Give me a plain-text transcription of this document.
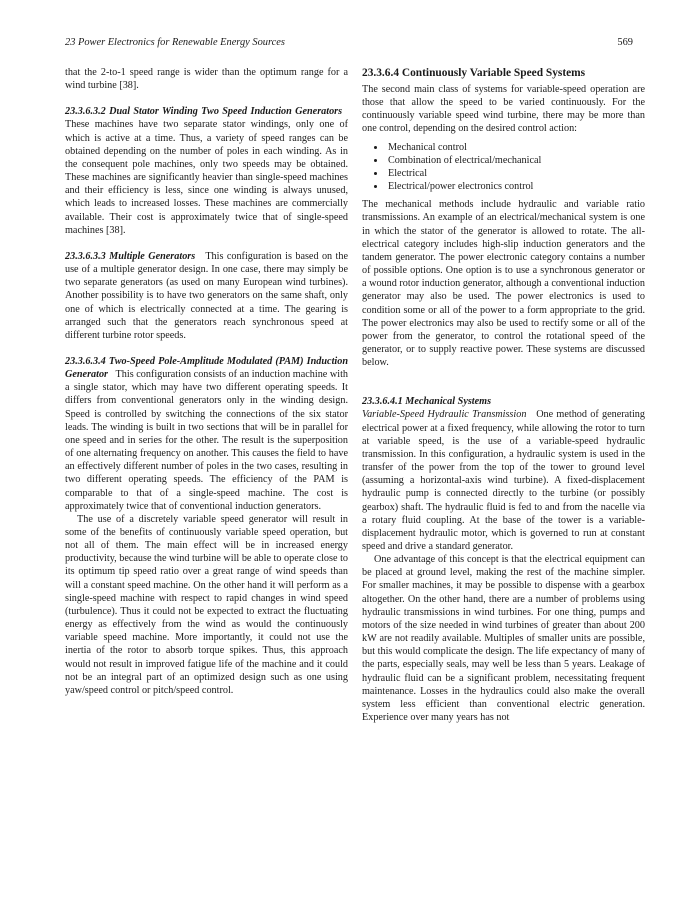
23 Power Electronics for Renewable Energy Sources	569

that the 2-to-1 speed range is wider than the optimum range for a wind turbine [38].

23.3.6.3.2 Dual Stator Winding Two Speed Induction Generators   These machines have two separate stator windings, only one of which is active at a time. Thus, a variety of speed ranges can be obtained depending on the number of poles in each winding. As in the consequent pole machines, only two speeds may be obtained. These machines are significantly heavier than single-speed machines and their efficiency is less, since one winding is always unused, which leads to increased losses. These machines are commercially available. Their cost is approximately twice that of single-speed machines [38].

23.3.6.3.3 Multiple Generators This configuration is based on the use of a multiple generator design. In one case, there may simply be two separate generators (as used on many European wind turbines). Another possibility is to have two generators on the same shaft, only one of which is electrically connected at a time. The gearing is arranged such that the generators reach synchronous speed at different turbine rotor speeds.

23.3.6.3.4 Two-Speed Pole-Amplitude Modulated (PAM) Induction Generator This configuration consists of an induction machine with a single stator, which may have two different operating speeds. It differs from conventional generators only in the winding design. Speed is controlled by switching the connections of the six stator leads. The winding is built in two sections that will be in parallel for one speed and in series for the other. The result is the superposition of one alternating frequency on another. This causes the field to have an effectively different number of poles in the two cases, resulting in two different operating speeds. The efficiency of the PAM is comparable to that of a single-speed machine. The cost is approximately twice that of conventional induction generators.

The use of a discretely variable speed generator will result in some of the benefits of continuously variable speed operation, but not all of them. The main effect will be in increased energy productivity, because the wind turbine will be able to operate close to its optimum tip speed ratio over a great range of wind speeds than will a constant speed machine. On the other hand it will perform as a single-speed machine with respect to rapid changes in wind speed (turbulence). Thus it could not be expected to extract the fluctuating energy as effectively from the wind as would the continuously variable speed machine. More importantly, it could not use the inertia of the rotor to absorb torque spikes. Thus, this approach would not result in improved fatigue life of the machine and it could not be an integral part of an optimized design such as one using yaw/speed control or pitch/speed control.

23.3.6.4 Continuously Variable Speed Systems

The second main class of systems for variable-speed operation are those that allow the speed to be varied continuously. For the continuously variable speed wind turbine, there may be more than one control, depending on the desired control action:

• Mechanical control
• Combination of electrical/mechanical
• Electrical
• Electrical/power electronics control

The mechanical methods include hydraulic and variable ratio transmissions. An example of an electrical/mechanical system is one in which the stator of the generator is allowed to rotate. The all-electrical category includes high-slip induction generators and the tandem generator. The power electronic category contains a number of possible options. One option is to use a synchronous generator or a wound rotor induction generator, although a conventional induction generator may also be used. The power electronics is used to condition some or all of the power to a form appropriate to the grid. The power electronics may also be used to rectify some or all of the power from the generator, to control the rotational speed of the generator, or to supply reactive power. These systems are discussed below.

23.3.6.4.1 Mechanical Systems

Variable-Speed Hydraulic Transmission One method of generating electrical power at a fixed frequency, while allowing the rotor to turn at variable speed, is the use of a variable-speed hydraulic transmission. In this configuration, a hydraulic system is used in the transfer of the power from the top of the tower to ground level (assuming a horizontal-axis wind turbine). A fixed-displacement hydraulic pump is connected directly to the turbine (or possibly gearbox) shaft. The hydraulic fluid is fed to and from the nacelle via a rotary fluid coupling. At the base of the tower is a variable-displacement hydraulic motor, which is governed to run at constant speed and drive a standard generator.

One advantage of this concept is that the electrical equipment can be placed at ground level, making the rest of the machine simpler. For smaller machines, it may be possible to dispense with a gearbox altogether. On the other hand, there are a number of problems using hydraulic transmissions in wind turbines. For one thing, pumps and motors of the size needed in wind turbines of greater than about 200 kW are not readily available. Multiples of smaller units are possible, but this would complicate the design. The life expectancy of many of the parts, especially seals, may well be less than 5 years. Leakage of hydraulic fluid can be a significant problem, necessitating frequent maintenance. Losses in the hydraulics could also make the overall system less efficient than conventional electric generation. Experience over many years has not
